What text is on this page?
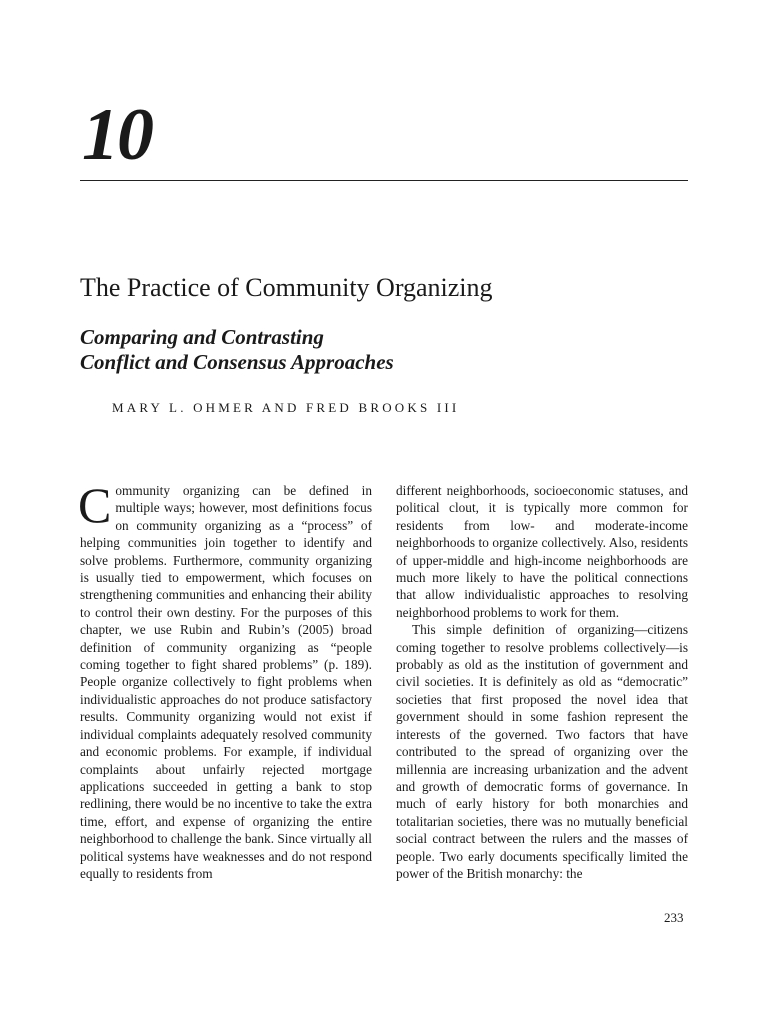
10
The Practice of Community Organizing
Comparing and Contrasting
Conflict and Consensus Approaches
MARY L. OHMER AND FRED BROOKS III

Community organizing can be defined in multiple ways; however, most definitions focus on community organizing as a “process” of helping communities join together to identify and solve problems. Furthermore, community organizing is usually tied to empowerment, which focuses on strengthening communities and enhancing their ability to control their own destiny. For the purposes of this chapter, we use Rubin and Rubin’s (2005) broad definition of community organizing as “people coming together to fight shared problems” (p. 189). People organize collectively to fight problems when individualistic approaches do not produce satisfactory results. Community organizing would not exist if individual complaints adequately resolved community and economic problems. For example, if individual complaints about unfairly rejected mortgage applications succeeded in getting a bank to stop redlining, there would be no incentive to take the extra time, effort, and expense of organizing the entire neighborhood to challenge the bank. Since virtually all political systems have weaknesses and do not respond equally to residents from

different neighborhoods, socioeconomic statuses, and political clout, it is typically more common for residents from low- and moderate-income neighborhoods to organize collectively. Also, residents of upper-middle and high-income neighborhoods are much more likely to have the political connections that allow individualistic approaches to resolving neighborhood problems to work for them.

This simple definition of organizing—citizens coming together to resolve problems collectively—is probably as old as the institution of government and civil societies. It is definitely as old as “democratic” societies that first proposed the novel idea that government should in some fashion represent the interests of the governed. Two factors that have contributed to the spread of organizing over the millennia are increasing urbanization and the advent and growth of democratic forms of governance. In much of early history for both monarchies and totalitarian societies, there was no mutually beneficial social contract between the rulers and the masses of people. Two early documents specifically limited the power of the British monarchy: the

233
